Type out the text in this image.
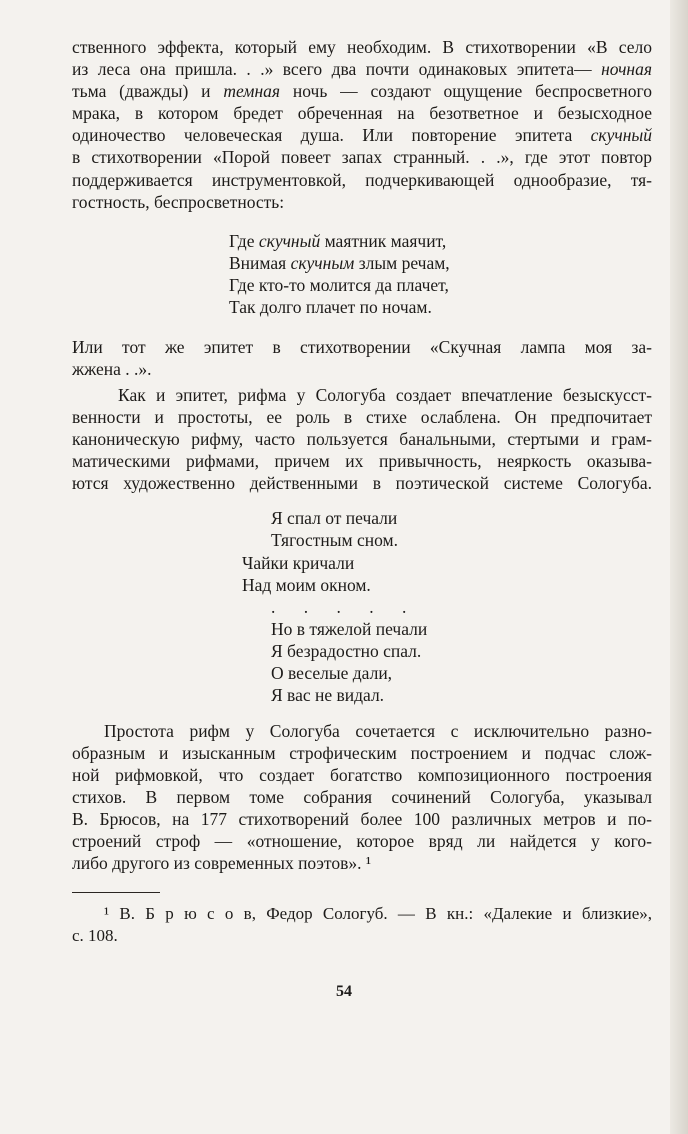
ственного эффекта, который ему необходим. В стихотворении «В село
из леса она пришла. . .» всего два почти одинаковых эпитета— ночная
тьма (дважды) и темная ночь — создают ощущение беспросветного
мрака, в котором бредет обреченная на безответное и безысходное
одиночество человеческая душа. Или повторение эпитета скучный
в стихотворении «Порой повеет запах странный. . .», где этот повтор
поддерживается инструментовкой, подчеркивающей однообразие, тя-
гостность, беспросветность:
Где скучный маятник маячит,
Внимая скучным злым речам,
Где кто-то молится да плачет,
Так долго плачет по ночам.
Или тот же эпитет в стихотворении «Скучная лампа моя за-
жжена . .».
Как и эпитет, рифма у Сологуба создает впечатление безыскусст-
венности и простоты, ее роль в стихе ослаблена. Он предпочитает
каноническую рифму, часто пользуется банальными, стертыми и грам-
матическими рифмами, причем их привычность, неяркость оказыва-
ются художественно действенными в поэтической системе Сологуба.
Я спал от печали
Тягостным сном.
Чайки кричали
Над моим окном.
. . . . .
Но в тяжелой печали
Я безрадостно спал.
О веселые дали,
Я вас не видал.
Простота рифм у Сологуба сочетается с исключительно разно-
образным и изысканным строфическим построением и подчас слож-
ной рифмовкой, что создает богатство композиционного построения
стихов. В первом томе собрания сочинений Сологуба, указывал
В. Брюсов, на 177 стихотворений более 100 различных метров и по-
строений строф — «отношение, которое вряд ли найдется у кого-
либо другого из современных поэтов». ¹
¹ В. Б р ю с о в, Федор Сологуб. — В кн.: «Далекие и близкие»,
с. 108.
54
